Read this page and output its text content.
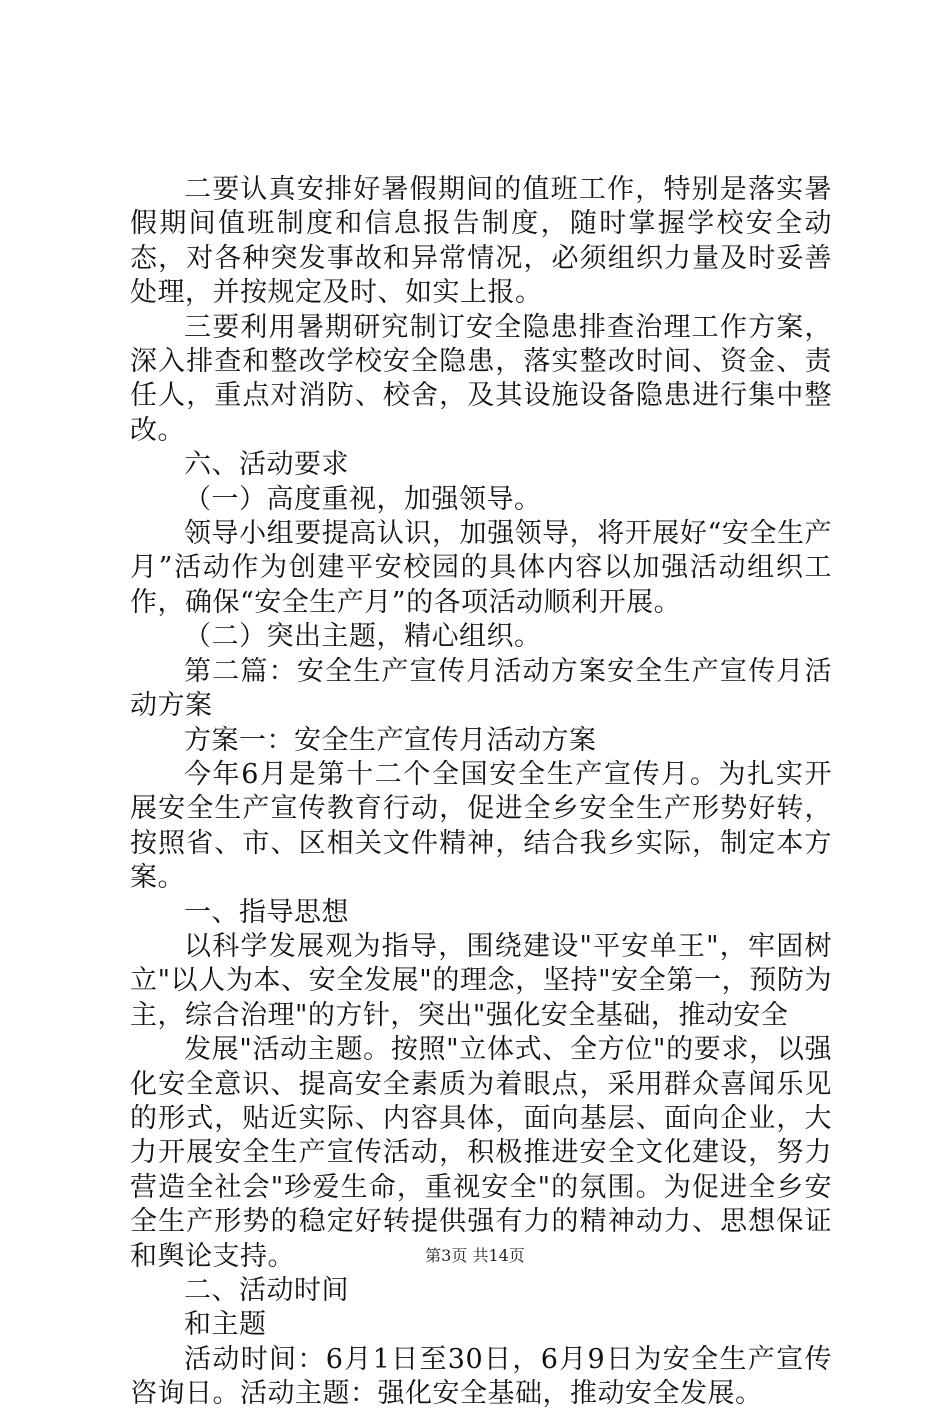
二要认真安排好暑假期间的值班工作，特别是落实暑假期间值班制度和信息报告制度，随时掌握学校安全动态，对各种突发事故和异常情况，必须组织力量及时妥善处理，并按规定及时、如实上报。

三要利用暑期研究制订安全隐患排查治理工作方案，深入排查和整改学校安全隐患，落实整改时间、资金、责任人，重点对消防、校舍，及其设施设备隐患进行集中整改。

六、活动要求

（一）高度重视，加强领导。

领导小组要提高认识，加强领导，将开展好“安全生产月”活动作为创建平安校园的具体内容以加强活动组织工作，确保“安全生产月”的各项活动顺利开展。

（二）突出主题，精心组织。

第二篇：安全生产宣传月活动方案安全生产宣传月活动方案

方案一：安全生产宣传月活动方案

今年6月是第十二个全国安全生产宣传月。为扎实开展安全生产宣传教育行动，促进全乡安全生产形势好转，按照省、市、区相关文件精神，结合我乡实际，制定本方案。

一、指导思想

以科学发展观为指导，围绕建设"平安单王"，牢固树立"以人为本、安全发展"的理念，坚持"安全第一，预防为主，综合治理"的方针，突出"强化安全基础，推动安全

发展"活动主题。按照"立体式、全方位"的要求，以强化安全意识、提高安全素质为着眼点，采用群众喜闻乐见的形式，贴近实际、内容具体，面向基层、面向企业，大力开展安全生产宣传活动，积极推进安全文化建设，努力营造全社会"珍爱生命，重视安全"的氛围。为促进全乡安全生产形势的稳定好转提供强有力的精神动力、思想保证和舆论支持。

二、活动时间

和主题

活动时间：6月1日至30日，6月9日为安全生产宣传咨询日。活动主题：强化安全基础，推动安全发展。

第3页 共14页
